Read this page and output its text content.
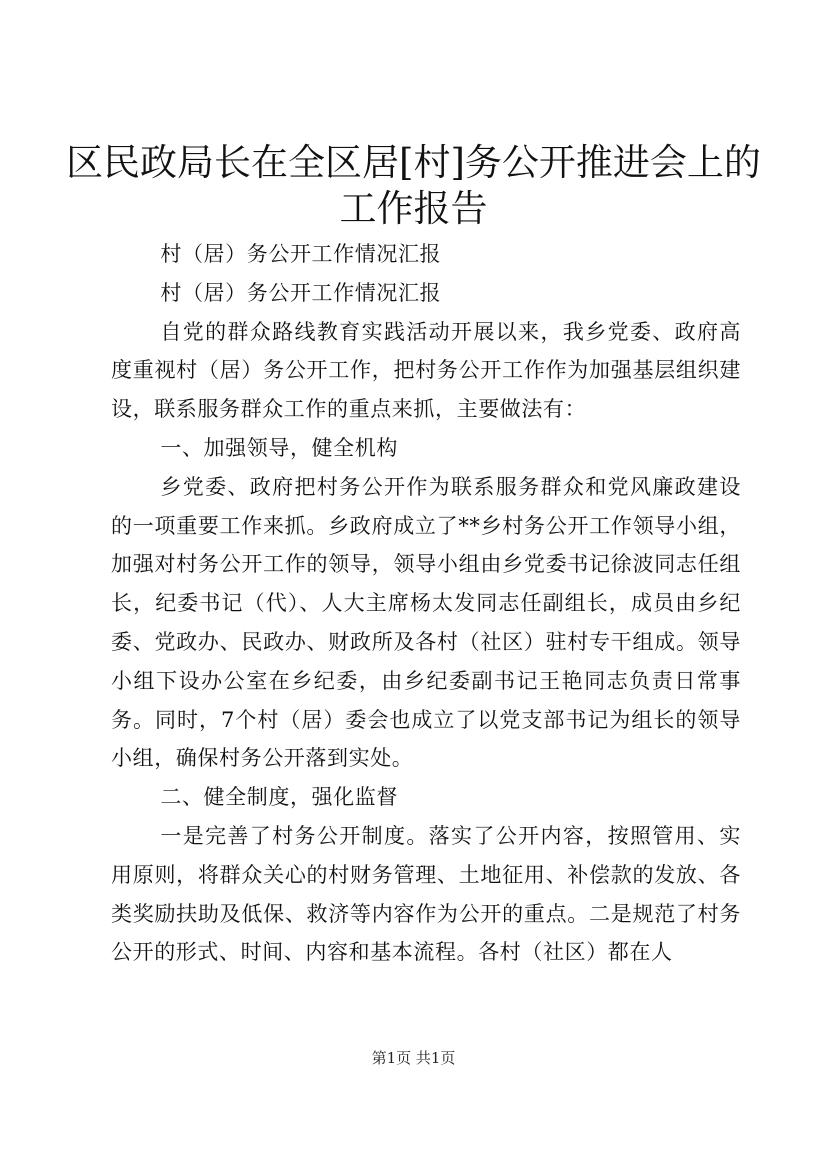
区民政局长在全区居[村]务公开推进会上的工作报告

村（居）务公开工作情况汇报

村（居）务公开工作情况汇报

自党的群众路线教育实践活动开展以来，我乡党委、政府高度重视村（居）务公开工作，把村务公开工作作为加强基层组织建设，联系服务群众工作的重点来抓，主要做法有：

一、加强领导，健全机构

乡党委、政府把村务公开作为联系服务群众和党风廉政建设的一项重要工作来抓。乡政府成立了**乡村务公开工作领导小组，加强对村务公开工作的领导，领导小组由乡党委书记徐波同志任组长，纪委书记（代）、人大主席杨太发同志任副组长，成员由乡纪委、党政办、民政办、财政所及各村（社区）驻村专干组成。领导小组下设办公室在乡纪委，由乡纪委副书记王艳同志负责日常事务。同时，7个村（居）委会也成立了以党支部书记为组长的领导小组，确保村务公开落到实处。

二、健全制度，强化监督

一是完善了村务公开制度。落实了公开内容，按照管用、实用原则，将群众关心的村财务管理、土地征用、补偿款的发放、各类奖励扶助及低保、救济等内容作为公开的重点。二是规范了村务公开的形式、时间、内容和基本流程。各村（社区）都在人

第1页 共1页
